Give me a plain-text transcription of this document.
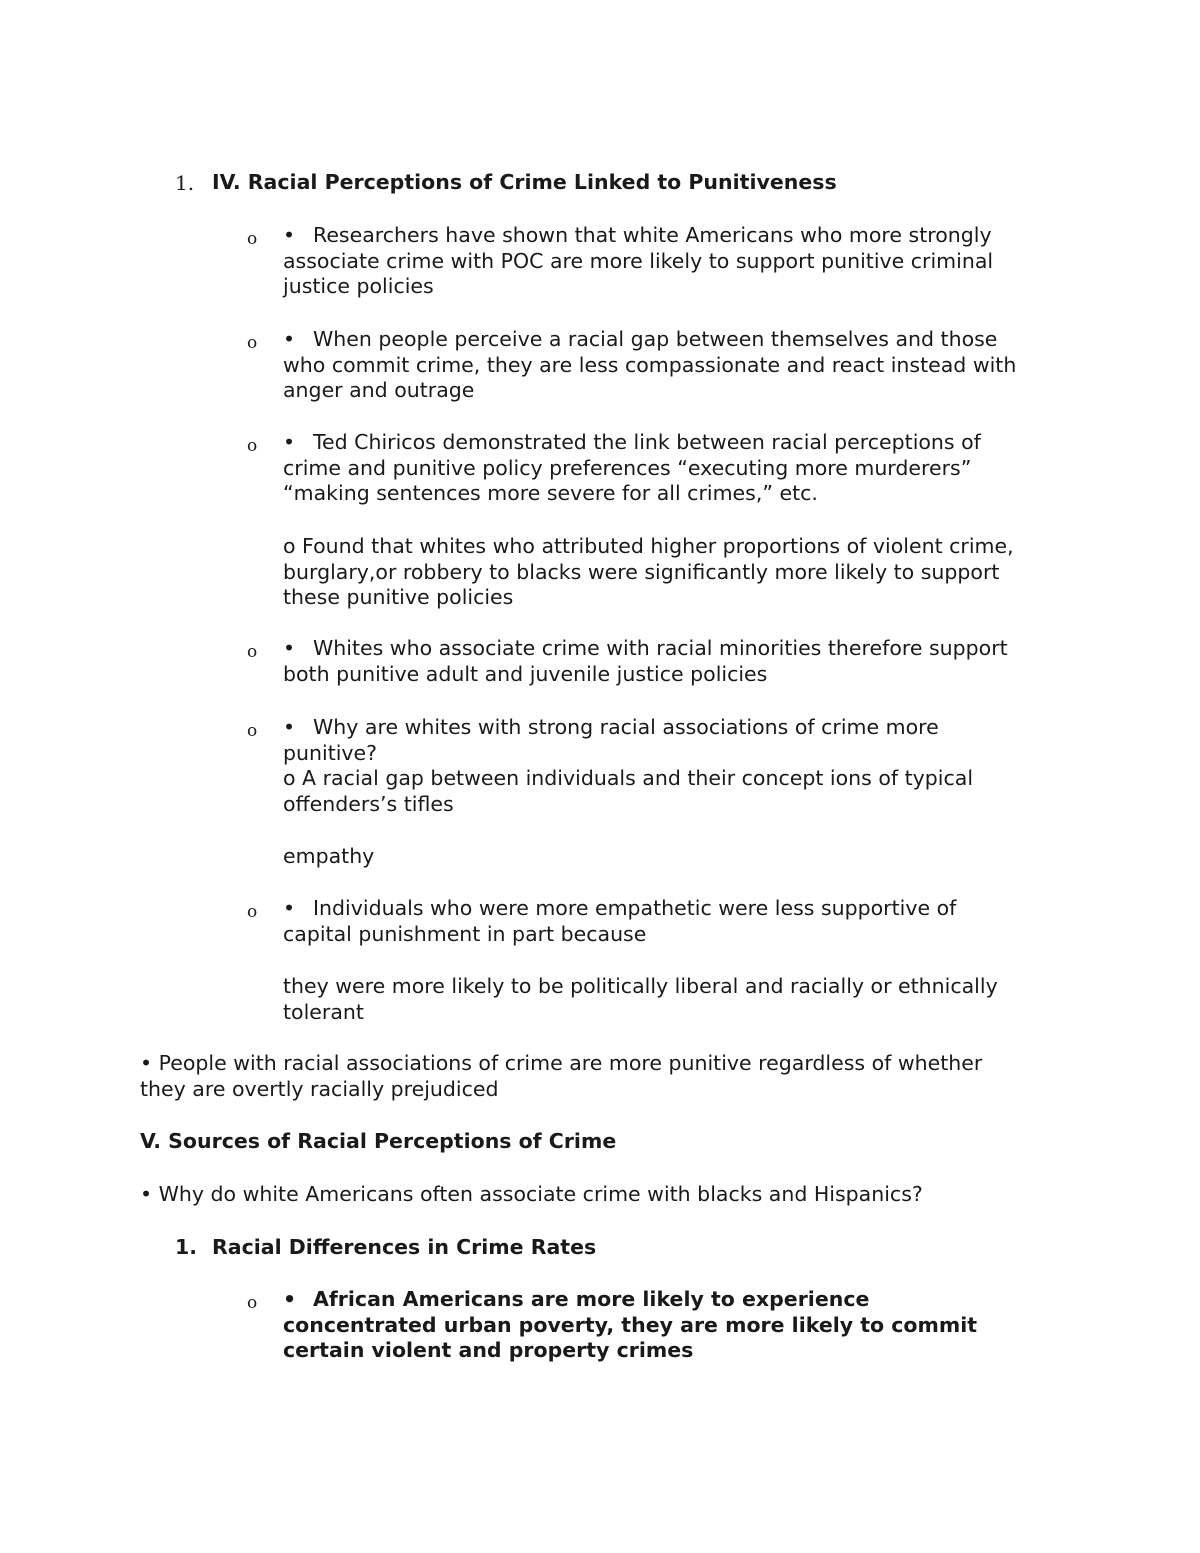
1. IV. Racial Perceptions of Crime Linked to Punitiveness

o • Researchers have shown that white Americans who more strongly
associate crime with POC are more likely to support punitive criminal
justice policies

o • When people perceive a racial gap between themselves and those
who commit crime, they are less compassionate and react instead with
anger and outrage

o • Ted Chiricos demonstrated the link between racial perceptions of
crime and punitive policy preferences “executing more murderers”
“making sentences more severe for all crimes,” etc.

o Found that whites who attributed higher proportions of violent crime,
burglary,or robbery to blacks were significantly more likely to support
these punitive policies

o • Whites who associate crime with racial minorities therefore support
both punitive adult and juvenile justice policies

o • Why are whites with strong racial associations of crime more
punitive?
o A racial gap between individuals and their concept ions of typical
offenders’s tifles

empathy

o • Individuals who were more empathetic were less supportive of
capital punishment in part because

they were more likely to be politically liberal and racially or ethnically
tolerant

• People with racial associations of crime are more punitive regardless of whether
they are overtly racially prejudiced

V. Sources of Racial Perceptions of Crime

• Why do white Americans often associate crime with blacks and Hispanics?

1. Racial Differences in Crime Rates

o • African Americans are more likely to experience
concentrated urban poverty, they are more likely to commit
certain violent and property crimes
